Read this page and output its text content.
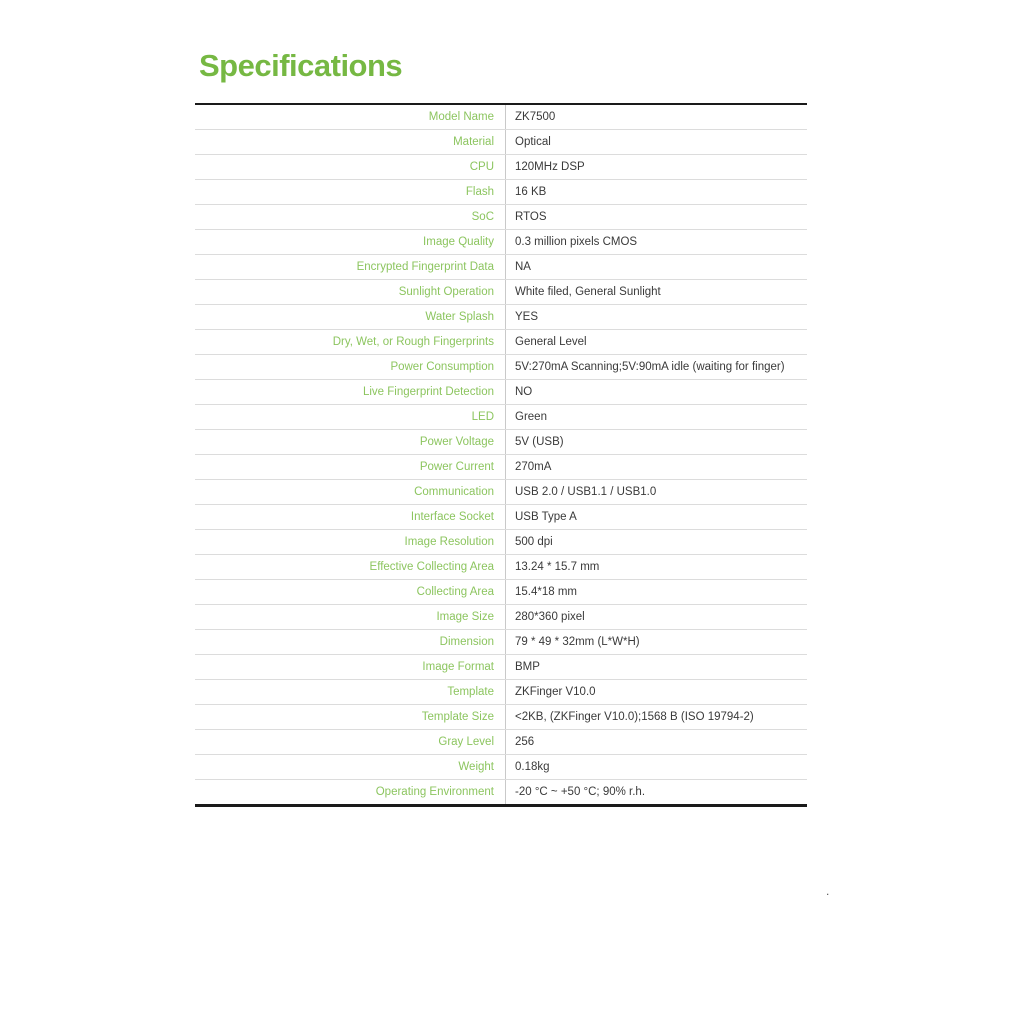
Specifications
Model Name	ZK7500
Material	Optical
CPU	120MHz DSP
Flash	16 KB
SoC	RTOS
Image Quality	0.3 million pixels CMOS
Encrypted Fingerprint Data	NA
Sunlight Operation	White filed, General Sunlight
Water Splash	YES
Dry, Wet, or Rough Fingerprints	General Level
Power Consumption	5V:270mA Scanning;5V:90mA idle (waiting for finger)
Live Fingerprint Detection	NO
LED	Green
Power Voltage	5V (USB)
Power Current	270mA
Communication	USB 2.0 / USB1.1 / USB1.0
Interface Socket	USB Type A
Image Resolution	500 dpi
Effective Collecting Area	13.24 * 15.7 mm
Collecting Area	15.4*18 mm
Image Size	280*360 pixel
Dimension	79 * 49 * 32mm (L*W*H)
Image Format	BMP
Template	ZKFinger V10.0
Template Size	<2KB, (ZKFinger V10.0);1568 B (ISO 19794-2)
Gray Level	256
Weight	0.18kg
Operating Environment	-20 °C ~ +50 °C; 90% r.h.
.
